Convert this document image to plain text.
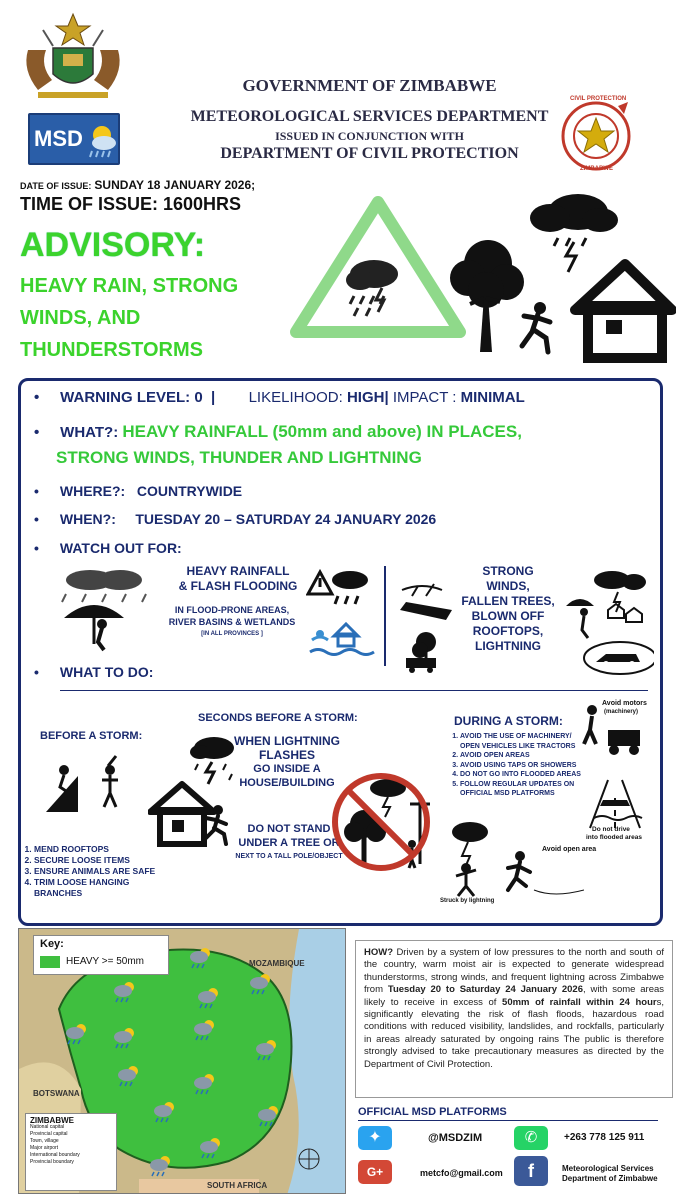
MSD
GOVERNMENT OF ZIMBABWE
METEOROLOGICAL SERVICES DEPARTMENT
ISSUED IN CONJUNCTION WITH
DEPARTMENT OF CIVIL PROTECTION
CIVIL PROTECTION
ZIMBABWE
DATE OF ISSUE: SUNDAY 18 JANUARY 2026;
TIME OF ISSUE: 1600HRS
ADVISORY:
HEAVY RAIN, STRONG
WINDS, AND
THUNDERSTORMS
• WARNING LEVEL: 0  |        LIKELIHOOD: HIGH| IMPACT : MINIMAL
• WHAT?: HEAVY RAINFALL (50mm and above) IN PLACES,
STRONG WINDS, THUNDER AND LIGHTNING
• WHERE?: COUNTRYWIDE
• WHEN?: TUESDAY 20 – SATURDAY 24 JANUARY 2026
• WATCH OUT FOR:
HEAVY RAINFALL
& FLASH FLOODING
IN FLOOD-PRONE AREAS,
RIVER BASINS & WETLANDS
[IN ALL PROVINCES ]
STRONG WINDS,
FALLEN TREES,
BLOWN OFF
ROOFTOPS,
LIGHTNING
• WHAT TO DO:
BEFORE A STORM:
1. MEND ROOFTOPS
2. SECURE LOOSE ITEMS
3. ENSURE ANIMALS ARE SAFE
4. TRIM LOOSE HANGING BRANCHES
SECONDS BEFORE A STORM:
WHEN LIGHTNING
FLASHES
GO INSIDE A
HOUSE/BUILDING
DO NOT STAND
UNDER A TREE OR
NEXT TO A TALL POLE/OBJECT
DURING A STORM:
1. AVOID THE USE OF MACHINERY/ OPEN VEHICLES LIKE TRACTORS
2. AVOID OPEN AREAS
3. AVOID USING TAPS OR SHOWERS
4. DO NOT GO INTO FLOODED AREAS
5. FOLLOW REGULAR UPDATES ON OFFICIAL MSD PLATFORMS
Avoid motors
(machinery)
Do not drive
into flooded areas
Struck by lightning
Avoid open area
Key:
HEAVY >= 50mm	MOZAMBIQUE
BOTSWANA
SOUTH AFRICA
ZIMBABWE
National capital
Provincial capital
Town, village
Major airport
International boundary
Provincial boundary
HOW? Driven by a system of low pressures to the north and south of the country, warm moist air is expected to generate widespread thunderstorms, strong winds, and frequent lightning across Zimbabwe from Tuesday 20 to Saturday 24 January 2026, with some areas likely to receive in excess of 50mm of rainfall within 24 hours, significantly elevating the risk of flash floods, hazardous road conditions with reduced visibility, landslides, and rockfalls, particularly in areas already saturated by ongoing rains The public is therefore strongly advised to take precautionary measures as directed by the Department of Civil Protection.
OFFICIAL MSD PLATFORMS
✦	@MSDZIM	✆	+263 778 125 911
G+	metcfo@gmail.com	f	Meteorological Services
Department of Zimbabwe
